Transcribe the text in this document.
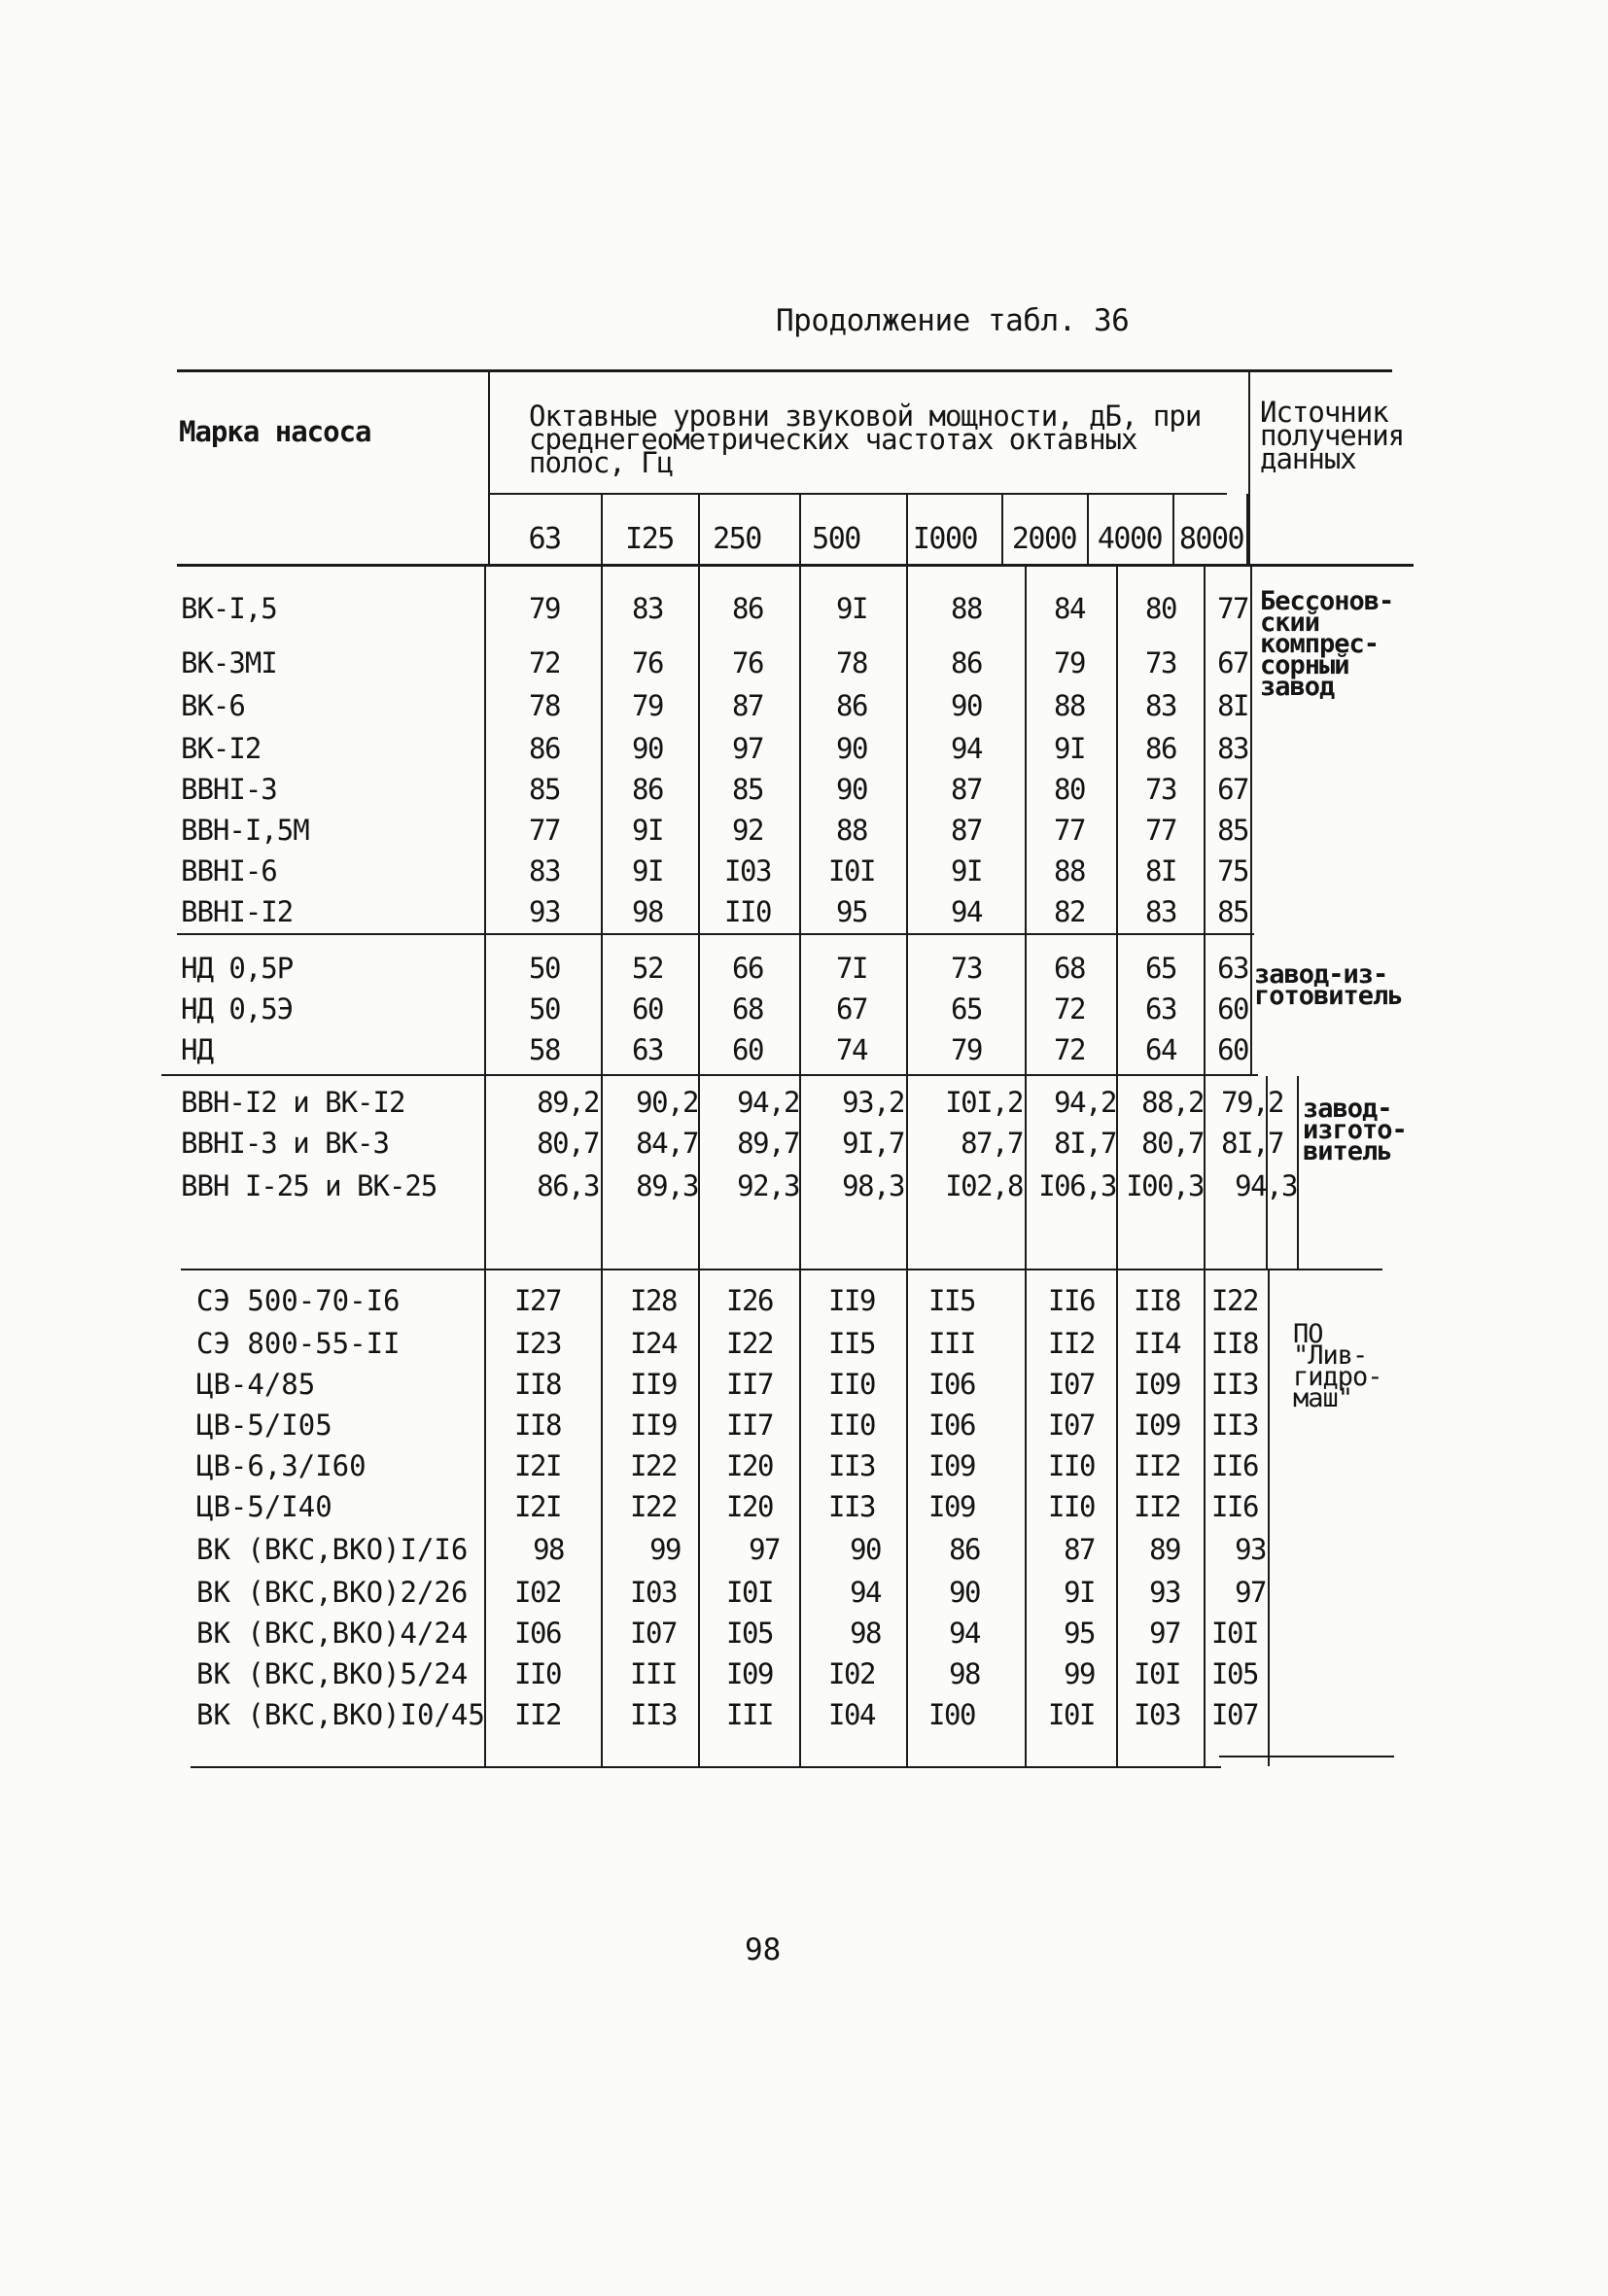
Продолжение табл. 36
Марка насоса	Октавные уровни звуковой мощности, дБ, при
среднегеометрических частотах октавных
полос, Гц
Источник
получения
данных
63	I25	250	500	I000	2000 4000 8000
ВК-I,5	79	83	86	9I	88	84	80	77
ВК-3МI	72	76	76	78	86	79	73	67
ВК-6	78	79	87	86	90	88	83	8I
ВК-I2	86	90	97	90	94	9I	86	83
ВВНI-3	85	86	85	90	87	80	73	67
ВВН-I,5М	77	9I	92	88	87	77	77	85
ВВНI-6	83	9I	I03	I0I	9I	88	8I	75
ВВНI-I2	93	98	II0	95	94	82	83	85
Бессонов-
ский
компрес-
сорный
завод
НД 0,5Р	50	52	66	7I	73	68	65	63
НД 0,5Э	50	60	68	67	65	72	63	60
НД	58	63	60	74	79	72	64	60
завод-из-
готовитель
ВВН-I2 и ВК-I2	89,2	90,2	94,2	93,2	I0I,2	94,2 88,2 79,2
ВВНI-3 и ВК-3	80,7	84,7	89,7	9I,7	87,7	8I,7 80,7 8I,7
ВВН I-25 и ВК-25	86,3	89,3	92,3	98,3	I02,8 I06,3 I00,3	94,3
завод-
изгото-
витель
СЭ 500-70-I6	I27	I28	I26	II9	II5	II6	II8	I22
СЭ 800-55-II	I23	I24	I22	II5	III	II2	II4	II8
ЦВ-4/85	II8	II9	II7	II0	I06	I07	I09	II3
ЦВ-5/I05	II8	II9	II7	II0	I06	I07	I09	II3
ЦВ-6,3/I60	I2I	I22	I20	II3	I09	II0	II2	II6
ЦВ-5/I40	I2I	I22	I20	II3	I09	II0	II2	II6
ВК (ВКС,ВКО)I/I6	98	99	97	90	86	87	89	93
ВК (ВКС,ВКО)2/26	I02	I03	I0I	94	90	9I	93	97
ВК (ВКС,ВКО)4/24	I06	I07	I05	98	94	95	97 I0I
ВК (ВКС,ВКО)5/24	II0	III	I09	I02	98	99	I0I	I05
ВК (ВКС,ВКО)I0/45	II2	II3	III	I04	I00	I0I	I03	I07
ПО
"Лив-
гидро-
маш"
98
